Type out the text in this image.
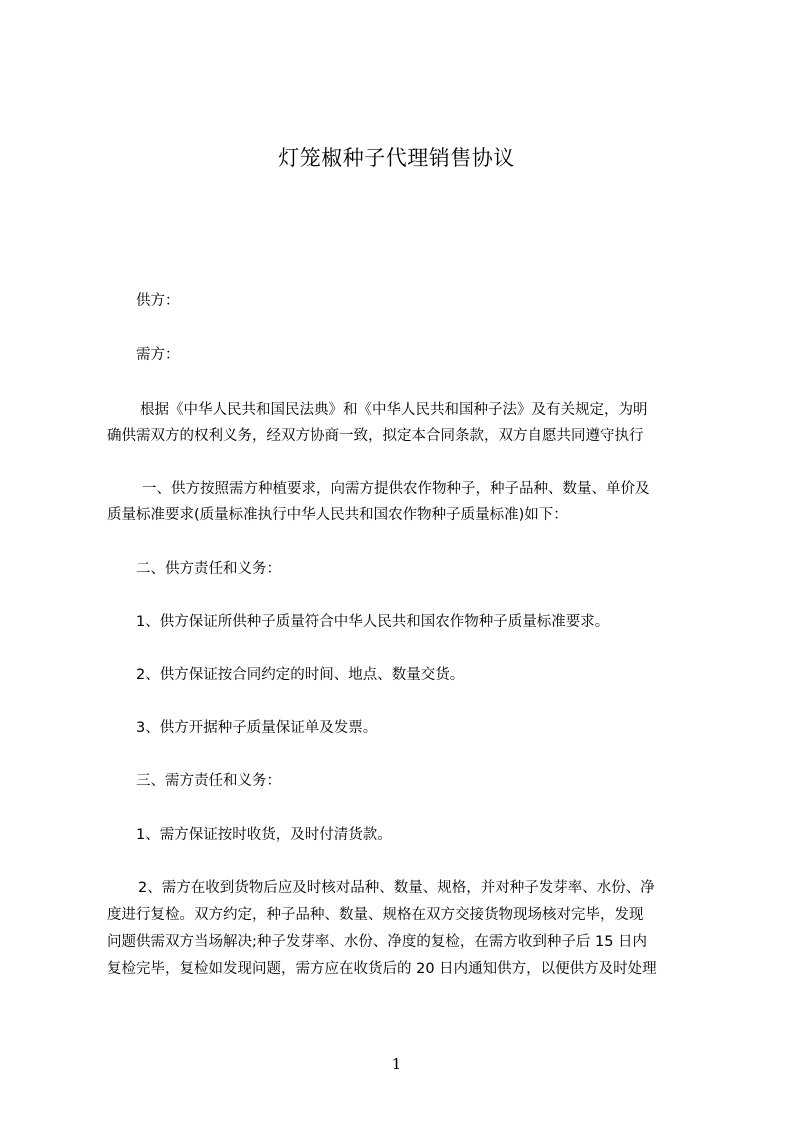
灯笼椒种子代理销售协议
供方：
需方：
根据《中华人民共和国民法典》和《中华人民共和国种子法》及有关规定，为明
确供需双方的权利义务，经双方协商一致，拟定本合同条款，双方自愿共同遵守执行
一、供方按照需方种植要求，向需方提供农作物种子，种子品种、数量、单价及
质量标准要求(质量标准执行中华人民共和国农作物种子质量标准)如下：
二、供方责任和义务：
1、供方保证所供种子质量符合中华人民共和国农作物种子质量标准要求。
2、供方保证按合同约定的时间、地点、数量交货。
3、供方开据种子质量保证单及发票。
三、需方责任和义务：
1、需方保证按时收货，及时付清货款。
2、需方在收到货物后应及时核对品种、数量、规格，并对种子发芽率、水份、净
度进行复检。双方约定，种子品种、数量、规格在双方交接货物现场核对完毕，发现
问题供需双方当场解决;种子发芽率、水份、净度的复检，在需方收到种子后 15 日内
复检完毕，复检如发现问题，需方应在收货后的 20 日内通知供方，以便供方及时处理
1
